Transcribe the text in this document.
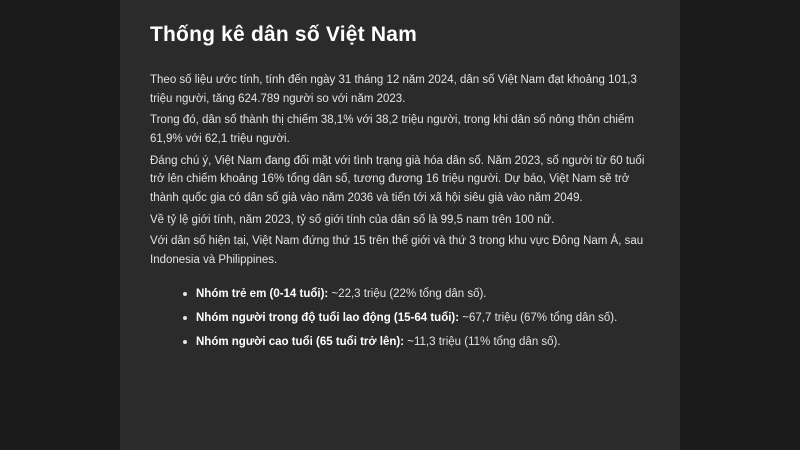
Thống kê dân số Việt Nam

Theo số liệu ước tính, tính đến ngày 31 tháng 12 năm 2024, dân số Việt Nam đạt khoảng 101,3 triệu người, tăng 624.789 người so với năm 2023.

Trong đó, dân số thành thị chiếm 38,1% với 38,2 triệu người, trong khi dân số nông thôn chiếm 61,9% với 62,1 triệu người.

Đáng chú ý, Việt Nam đang đối mặt với tình trạng già hóa dân số. Năm 2023, số người từ 60 tuổi trở lên chiếm khoảng 16% tổng dân số, tương đương 16 triệu người. Dự báo, Việt Nam sẽ trở thành quốc gia có dân số già vào năm 2036 và tiến tới xã hội siêu già vào năm 2049.

Về tỷ lệ giới tính, năm 2023, tỷ số giới tính của dân số là 99,5 nam trên 100 nữ.

Với dân số hiện tại, Việt Nam đứng thứ 15 trên thế giới và thứ 3 trong khu vực Đông Nam Á, sau Indonesia và Philippines.

Nhóm trẻ em (0-14 tuổi): ~22,3 triệu (22% tổng dân số).
Nhóm người trong độ tuổi lao động (15-64 tuổi): ~67,7 triệu (67% tổng dân số).
Nhóm người cao tuổi (65 tuổi trở lên): ~11,3 triệu (11% tổng dân số).
